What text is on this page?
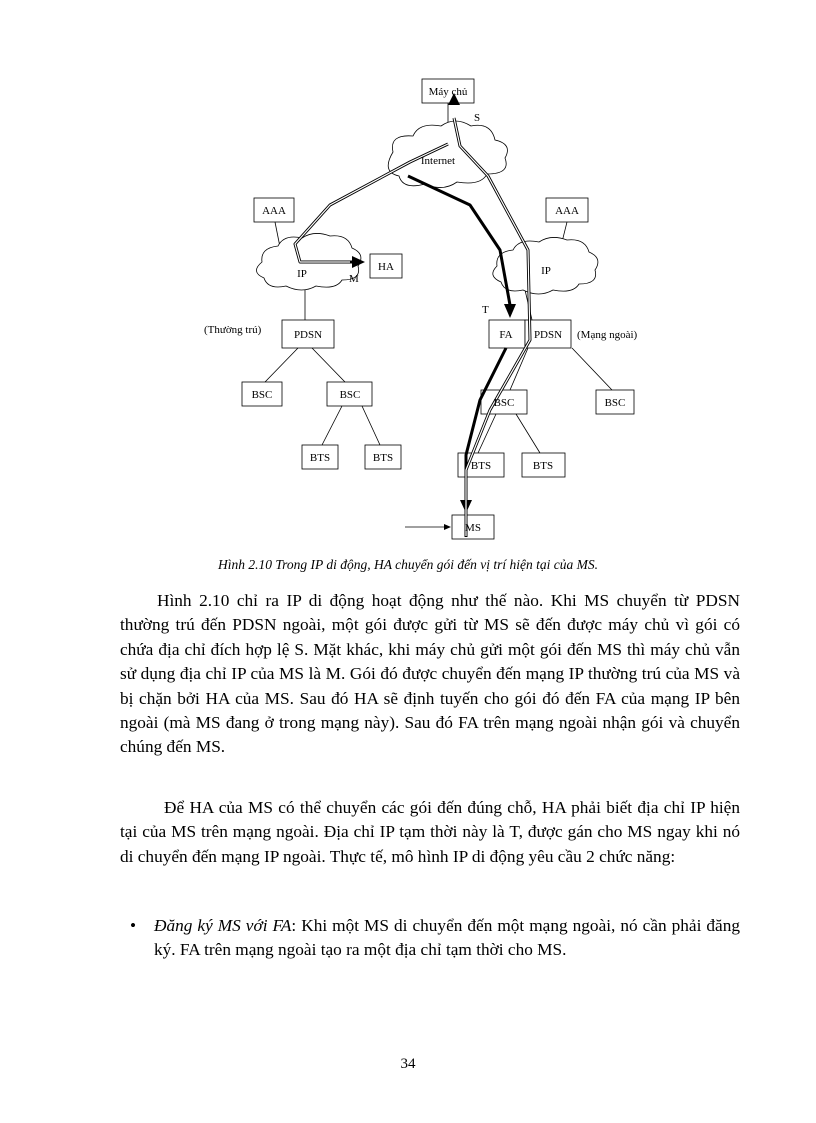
Máy chủ
Internet
S
AAA	AAA
IP	IP
HA
M
T
(Thường trú)	(Mạng ngoài)
PDSN	FA PDSN
BSC	BSC
BSC	BSC
BTS	BTS
BTS	BTS
MS
Hình 2.10 Trong IP di động, HA chuyển gói đến vị trí hiện tại của MS.

Hình 2.10 chỉ ra IP di động hoạt động như thế nào. Khi MS chuyển từ PDSN thường trú đến PDSN ngoài, một gói được gửi từ MS sẽ đến được máy chủ vì gói có chứa địa chỉ đích hợp lệ S. Mặt khác, khi máy chủ gửi một gói đến MS thì máy chủ vẫn sử dụng địa chỉ IP của MS là M. Gói đó được chuyển đến mạng IP thường trú của MS và bị chặn bởi HA của MS. Sau đó HA sẽ định tuyến cho gói đó đến FA của mạng IP bên ngoài (mà MS đang ở trong mạng này). Sau đó FA trên mạng ngoài nhận gói và chuyển chúng đến MS.

Để HA của MS có thể chuyển các gói đến đúng chỗ, HA phải biết địa chỉ IP hiện tại của MS trên mạng ngoài. Địa chỉ IP tạm thời này là T, được gán cho MS ngay khi nó di chuyển đến mạng IP ngoài. Thực tế, mô hình IP di động yêu cầu 2 chức năng:

•	Đăng ký MS với FA: Khi một MS di chuyển đến một mạng ngoài, nó cần phải đăng ký. FA trên mạng ngoài tạo ra một địa chỉ tạm thời cho MS.

34
